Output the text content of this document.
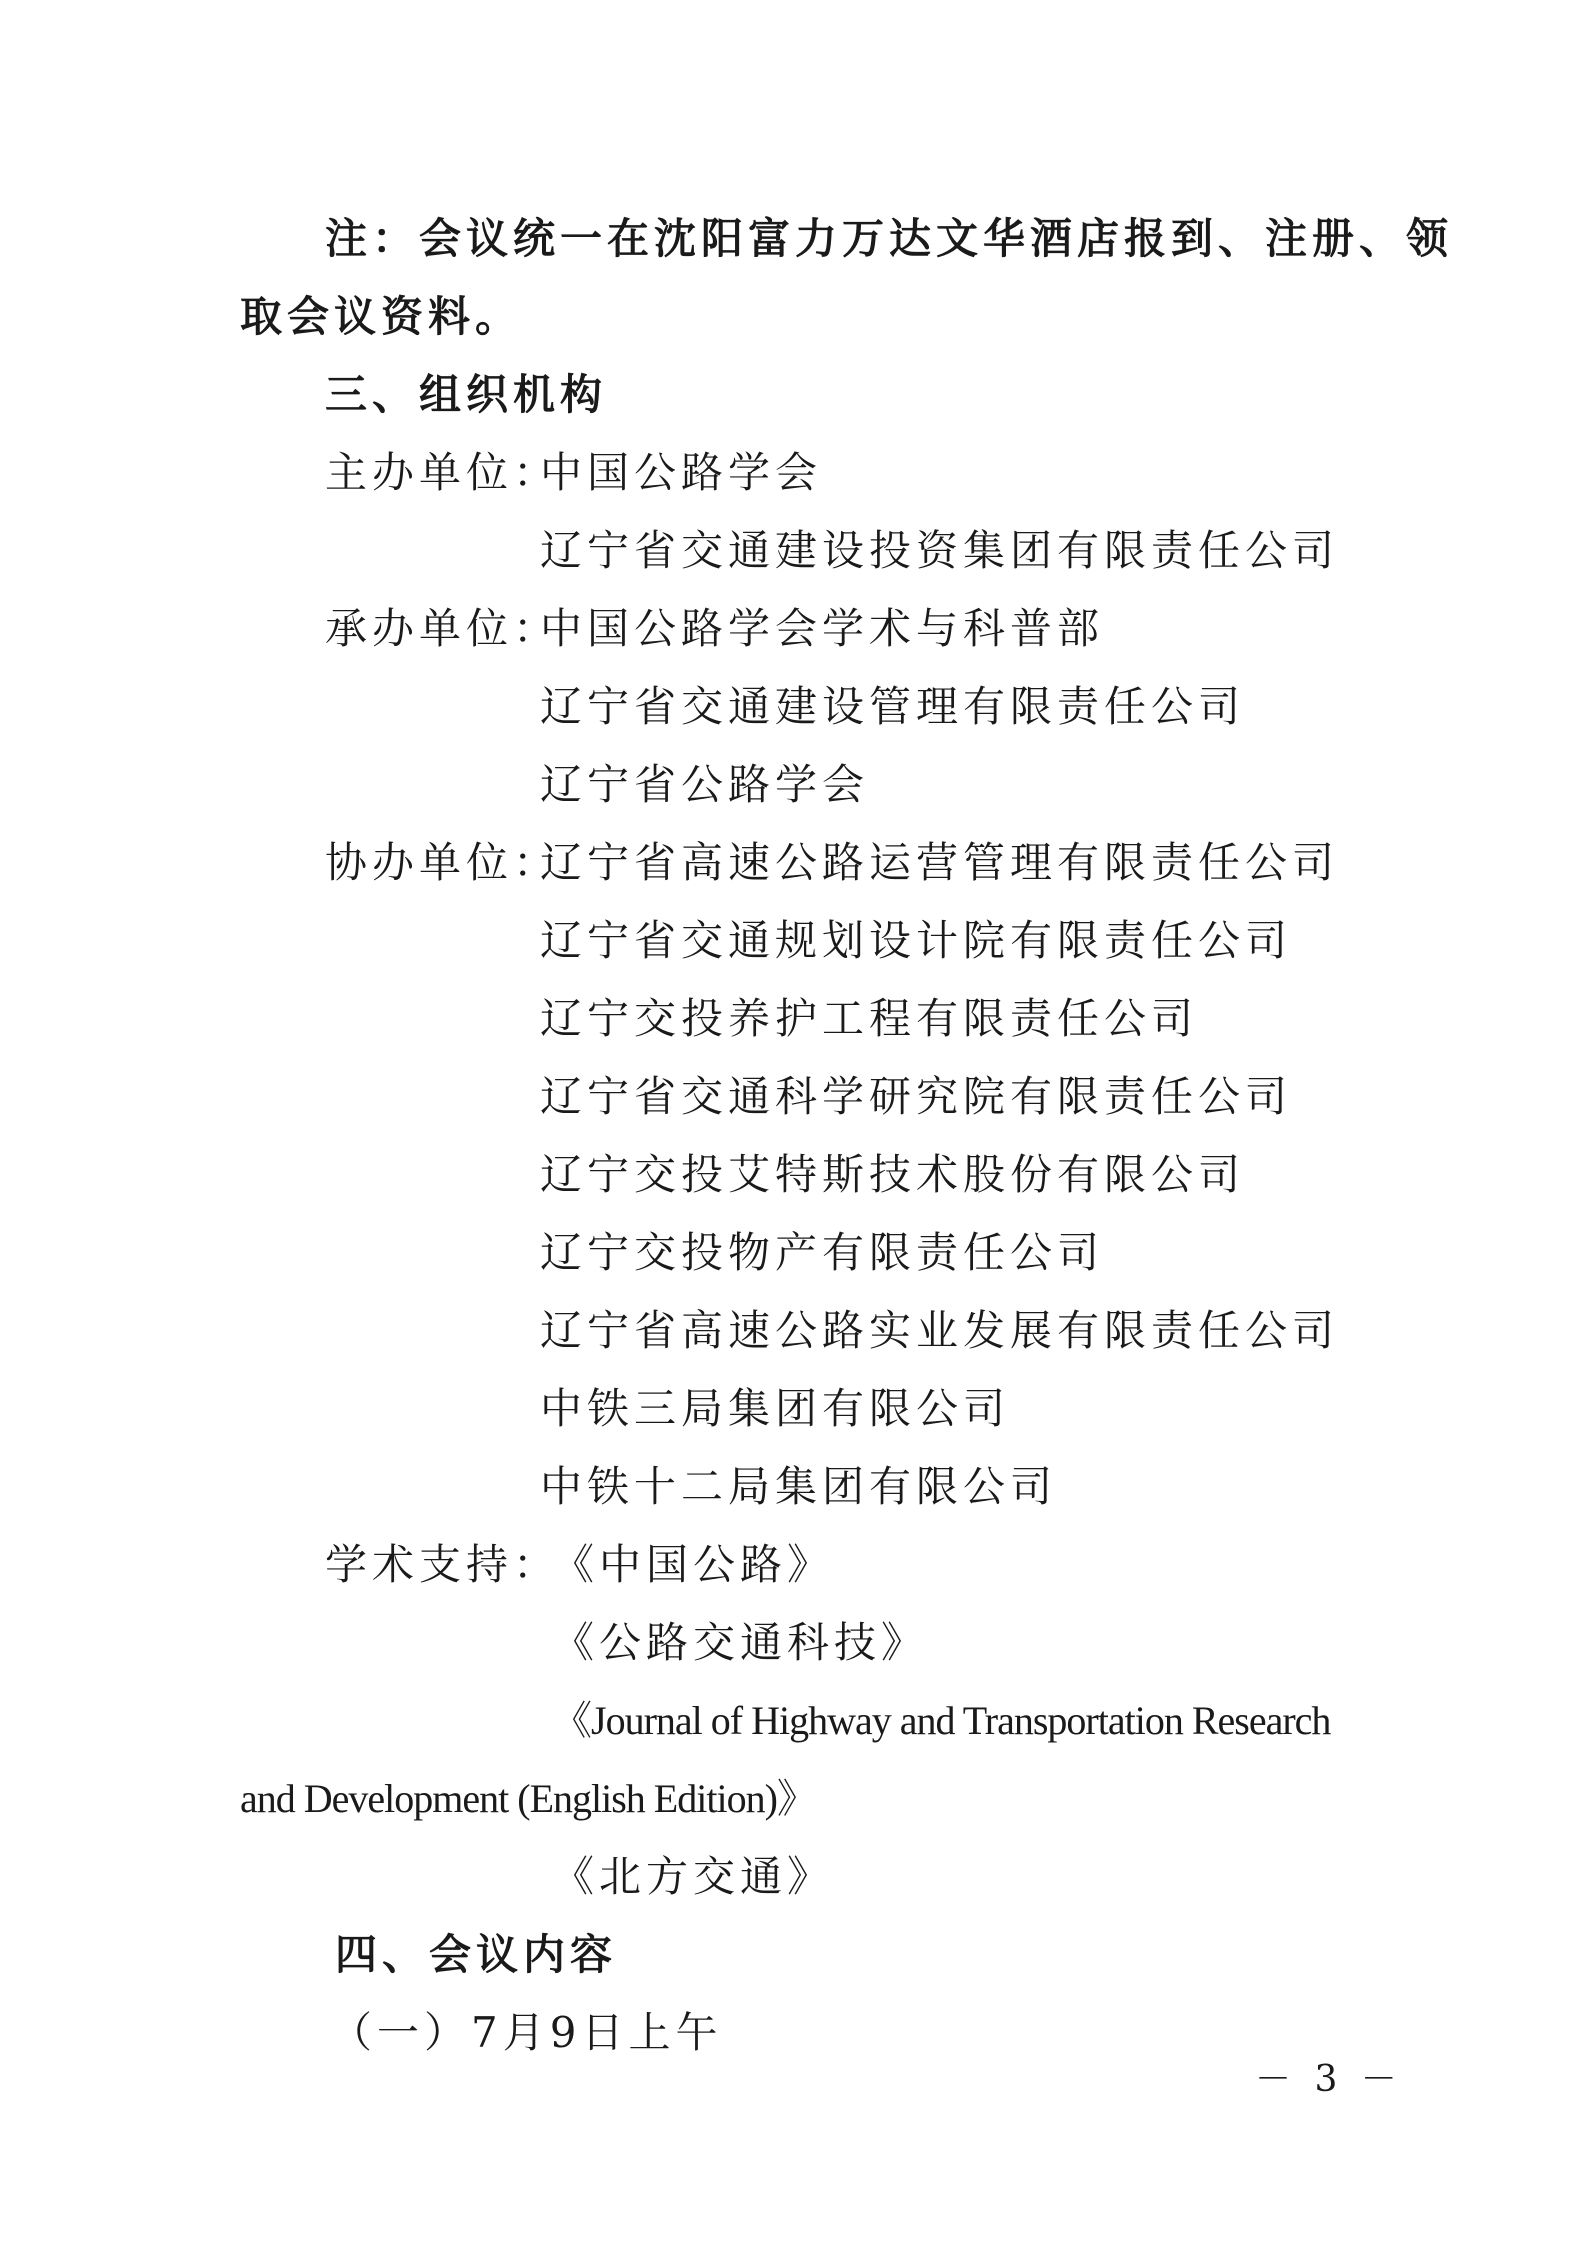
注：会议统一在沈阳富力万达文华酒店报到、注册、领
取会议资料。
三、组织机构
主办单位：
中国公路学会
辽宁省交通建设投资集团有限责任公司
承办单位：
中国公路学会学术与科普部
辽宁省交通建设管理有限责任公司
辽宁省公路学会
协办单位：
辽宁省高速公路运营管理有限责任公司
辽宁省交通规划设计院有限责任公司
辽宁交投养护工程有限责任公司
辽宁省交通科学研究院有限责任公司
辽宁交投艾特斯技术股份有限公司
辽宁交投物产有限责任公司
辽宁省高速公路实业发展有限责任公司
中铁三局集团有限公司
中铁十二局集团有限公司
学术支持：
《中国公路》
《公路交通科技》
《Journal of Highway and Transportation Research
and Development (English Edition)》
《北方交通》
四、会议内容
（一）7月9日上午
－ 3 －
